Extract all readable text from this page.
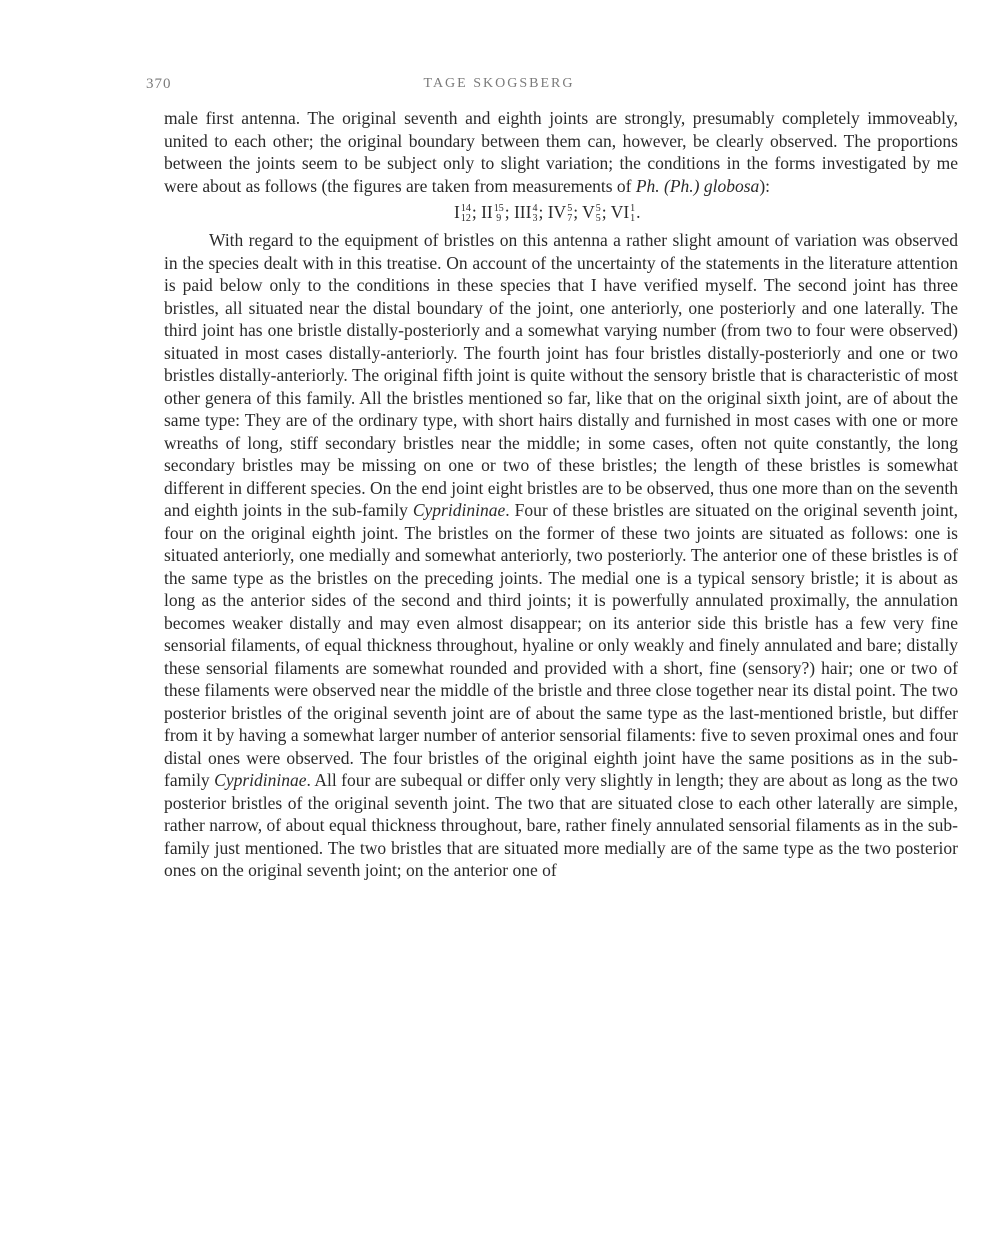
370	TAGE SKOGSBERG

male first antenna. The original seventh and eighth joints are strongly, presumably completely immoveably, united to each other; the original boundary between them can, however, be clearly observed. The proportions between the joints seem to be subject only to slight variation; the conditions in the forms investigated by me were about as follows (the figures are taken from measurements of Ph. (Ph.) globosa):

I 14
12 ; II 15
9 ; III 4
3 ; IV 5
7 ; V 5
5 ; VI 1
1 .

With regard to the equipment of bristles on this antenna a rather slight amount of variation was observed in the species dealt with in this treatise. On account of the uncertainty of the statements in the literature attention is paid below only to the conditions in these species that I have verified myself. The second joint has three bristles, all situated near the distal boundary of the joint, one anteriorly, one posteriorly and one laterally. The third joint has one bristle distally-posteriorly and a somewhat varying number (from two to four were observed) situated in most cases distally-anteriorly. The fourth joint has four bristles distally-posteriorly and one or two bristles distally-anteriorly. The original fifth joint is quite without the sensory bristle that is characteristic of most other genera of this family. All the bristles mentioned so far, like that on the original sixth joint, are of about the same type: They are of the ordinary type, with short hairs distally and furnished in most cases with one or more wreaths of long, stiff secondary bristles near the middle; in some cases, often not quite constantly, the long secondary bristles may be missing on one or two of these bristles; the length of these bristles is somewhat different in different species. On the end joint eight bristles are to be observed, thus one more than on the seventh and eighth joints in the sub-family Cypridininae. Four of these bristles are situated on the original seventh joint, four on the original eighth joint. The bristles on the former of these two joints are situated as follows: one is situated anteriorly, one medially and somewhat anteriorly, two posteriorly. The anterior one of these bristles is of the same type as the bristles on the preceding joints. The medial one is a typical sensory bristle; it is about as long as the anterior sides of the second and third joints; it is powerfully annulated proximally, the annulation becomes weaker distally and may even almost disappear; on its anterior side this bristle has a few very fine sensorial filaments, of equal thickness throughout, hyaline or only weakly and finely annulated and bare; distally these sensorial filaments are somewhat rounded and provided with a short, fine (sensory?) hair; one or two of these filaments were observed near the middle of the bristle and three close together near its distal point. The two posterior bristles of the original seventh joint are of about the same type as the last-mentioned bristle, but differ from it by having a somewhat larger number of anterior sensorial filaments: five to seven proximal ones and four distal ones were observed. The four bristles of the original eighth joint have the same positions as in the sub-family Cypridininae. All four are subequal or differ only very slightly in length; they are about as long as the two posterior bristles of the original seventh joint. The two that are situated close to each other laterally are simple, rather narrow, of about equal thickness throughout, bare, rather finely annulated sensorial filaments as in the sub-family just mentioned. The two bristles that are situated more medially are of the same type as the two posterior ones on the original seventh joint; on the anterior one of
